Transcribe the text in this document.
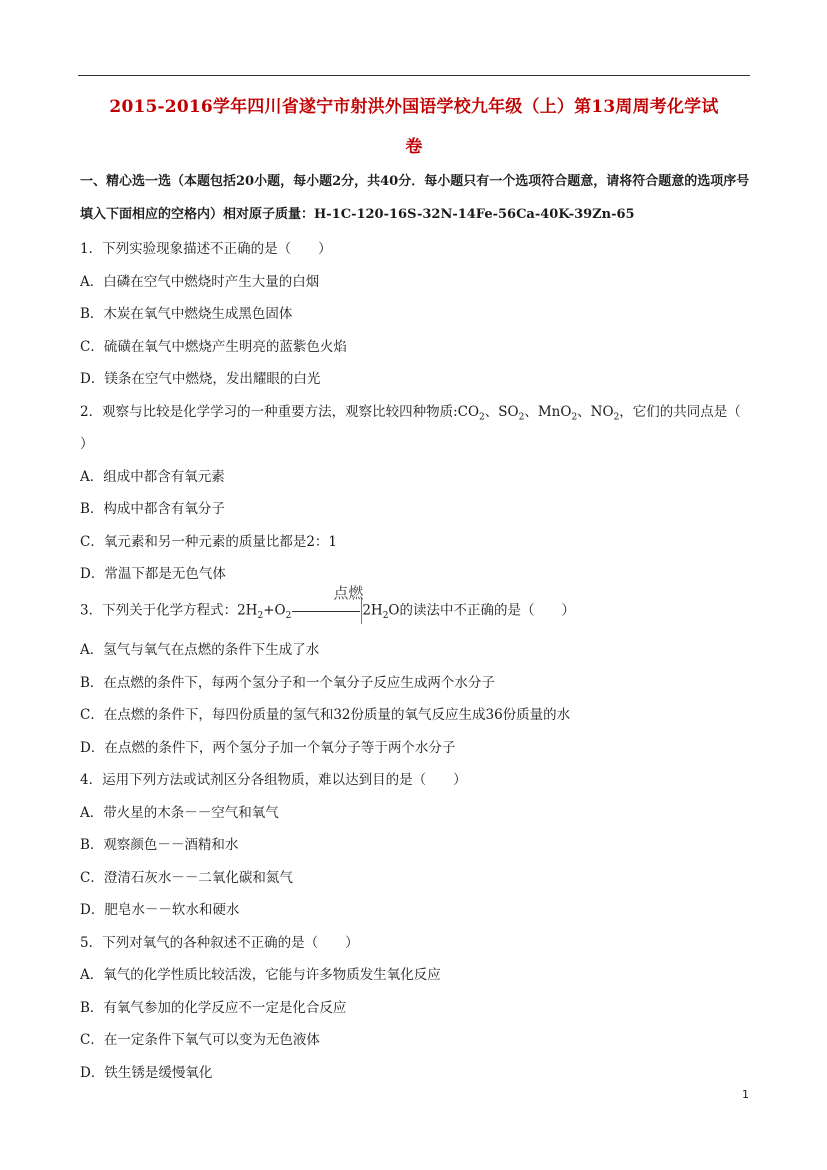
2015-2016学年四川省遂宁市射洪外国语学校九年级（上）第13周周考化学试
卷
一、精心选一选（本题包括20小题，每小题2分，共40分．每小题只有一个选项符合题意，请将符合题意的选项序号填入下面相应的空格内）相对原子质量：H-1C-120-16S-32N-14Fe-56Ca-40K-39Zn-65
1．下列实验现象描述不正确的是（　　）
A．白磷在空气中燃烧时产生大量的白烟
B．木炭在氧气中燃烧生成黑色固体
C．硫磺在氧气中燃烧产生明亮的蓝紫色火焰
D．镁条在空气中燃烧，发出耀眼的白光
2．观察与比较是化学学习的一种重要方法，观察比较四种物质$:CO_2$、$SO_2$、MnO$_2$、$NO_2$，它们的共同点是（
）
A．组成中都含有氧元素
B．构成中都含有氧分子
C．氧元素和另一种元素的质量比都是2：1
D．常温下都是无色气体
3．下列关于化学方程式：$2H_2+O_2$
点燃
$2H_2O$的读法中不正确的是（　　）
A．氢气与氧气在点燃的条件下生成了水
B．在点燃的条件下，每两个氢分子和一个氧分子反应生成两个水分子
C．在点燃的条件下，每四份质量的氢气和32份质量的氧气反应生成36份质量的水
D．在点燃的条件下，两个氢分子加一个氧分子等于两个水分子
4．运用下列方法或试剂区分各组物质，难以达到目的是（　　）
A．带火星的木条－－空气和氧气
B．观察颜色－－酒精和水
C．澄清石灰水－－二氧化碳和氮气
D．肥皂水－－软水和硬水
5．下列对氧气的各种叙述不正确的是（　　）
A．氧气的化学性质比较活泼，它能与许多物质发生氧化反应
B．有氧气参加的化学反应不一定是化合反应
C．在一定条件下氧气可以变为无色液体
D．铁生锈是缓慢氧化
1
